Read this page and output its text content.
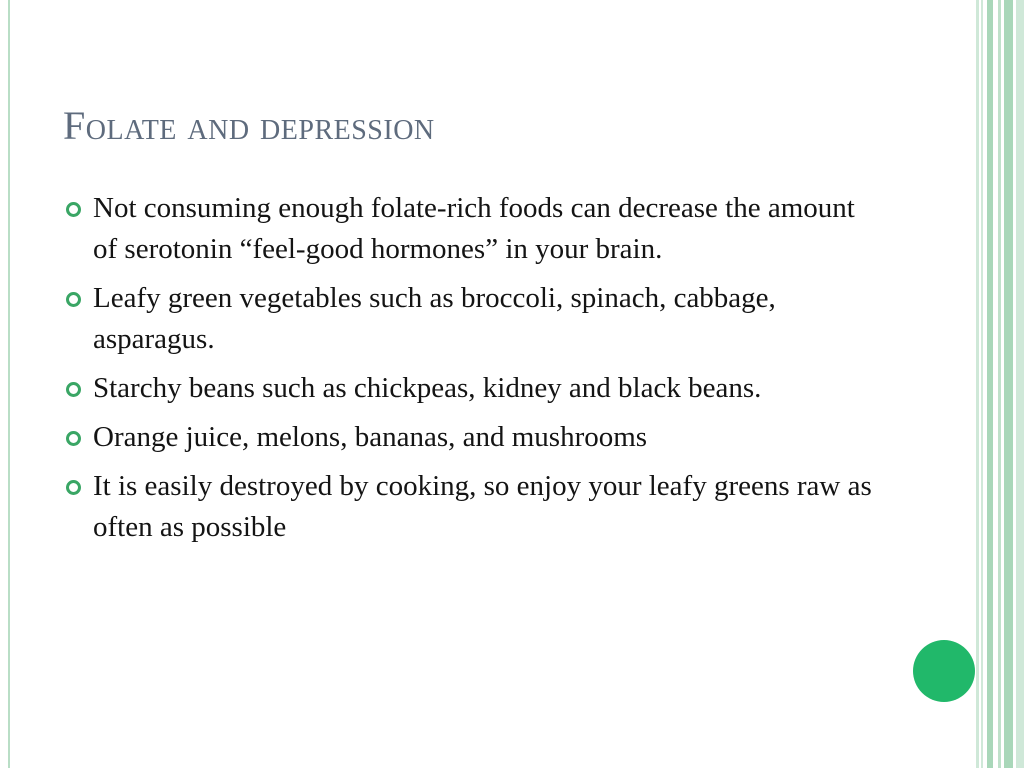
Folate and depression
Not consuming enough folate-rich foods can decrease the amount of serotonin “feel-good hormones” in your brain.
Leafy green vegetables such as broccoli, spinach, cabbage, asparagus.
Starchy beans such as chickpeas, kidney and black beans.
Orange juice, melons, bananas, and mushrooms
It is easily destroyed by cooking, so enjoy your leafy greens raw as often as possible
